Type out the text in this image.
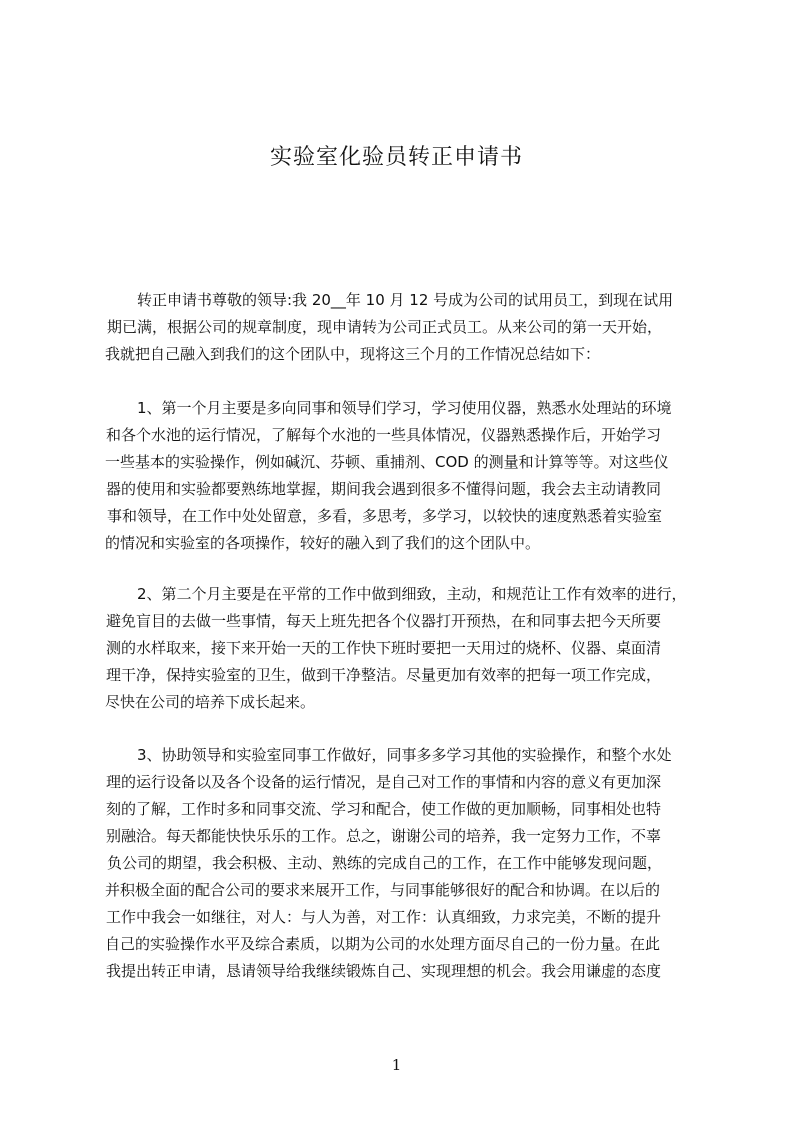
实验室化验员转正申请书
转正申请书尊敬的领导:我 20__年 10 月 12 号成为公司的试用员工，到现在试用
期已满，根据公司的规章制度，现申请转为公司正式员工。从来公司的第一天开始，
我就把自己融入到我们的这个团队中，现将这三个月的工作情况总结如下：
1、第一个月主要是多向同事和领导们学习，学习使用仪器，熟悉水处理站的环境
和各个水池的运行情况，了解每个水池的一些具体情况，仪器熟悉操作后，开始学习
一些基本的实验操作，例如碱沉、芬顿、重捕剂、COD 的测量和计算等等。对这些仪
器的使用和实验都要熟练地掌握，期间我会遇到很多不懂得问题，我会去主动请教同
事和领导，在工作中处处留意，多看，多思考，多学习，以较快的速度熟悉着实验室
的情况和实验室的各项操作，较好的融入到了我们的这个团队中。
2、第二个月主要是在平常的工作中做到细致，主动，和规范让工作有效率的进行，
避免盲目的去做一些事情，每天上班先把各个仪器打开预热，在和同事去把今天所要
测的水样取来，接下来开始一天的工作快下班时要把一天用过的烧杯、仪器、桌面清
理干净，保持实验室的卫生，做到干净整洁。尽量更加有效率的把每一项工作完成，
尽快在公司的培养下成长起来。
3、协助领导和实验室同事工作做好，同事多多学习其他的实验操作，和整个水处
理的运行设备以及各个设备的运行情况，是自己对工作的事情和内容的意义有更加深
刻的了解，工作时多和同事交流、学习和配合，使工作做的更加顺畅，同事相处也特
别融洽。每天都能快快乐乐的工作。总之，谢谢公司的培养，我一定努力工作，不辜
负公司的期望，我会积极、主动、熟练的完成自己的工作，在工作中能够发现问题，
并积极全面的配合公司的要求来展开工作，与同事能够很好的配合和协调。在以后的
工作中我会一如继往，对人：与人为善，对工作：认真细致，力求完美，不断的提升
自己的实验操作水平及综合素质，以期为公司的水处理方面尽自己的一份力量。在此
我提出转正申请，恳请领导给我继续锻炼自己、实现理想的机会。我会用谦虚的态度
1
